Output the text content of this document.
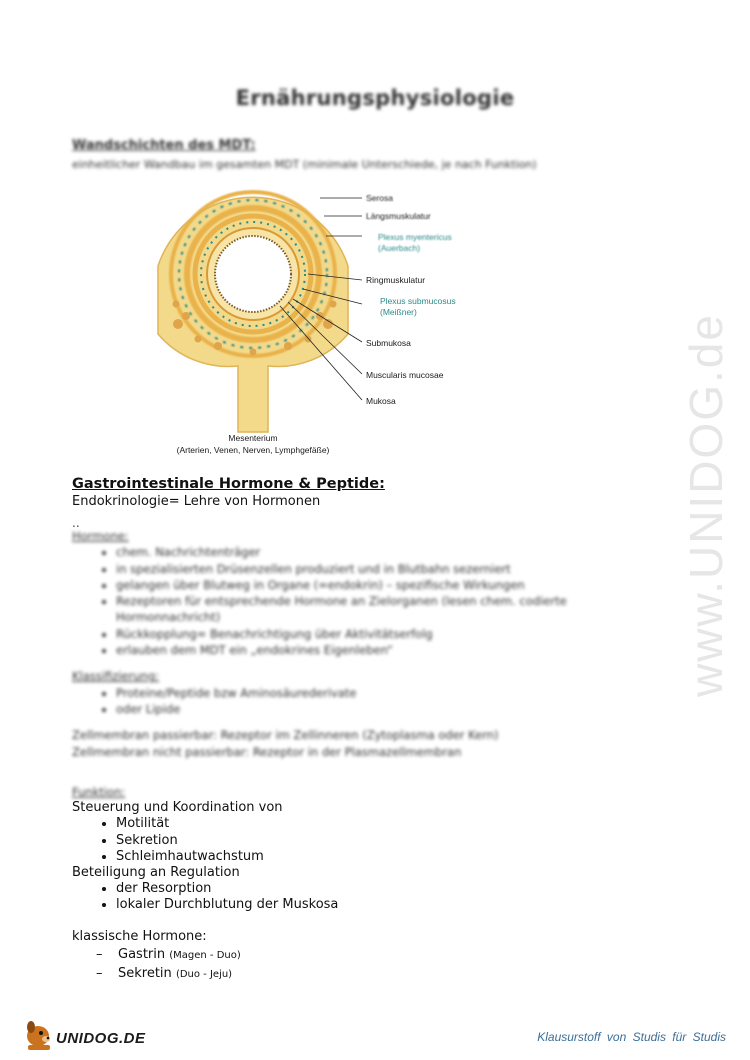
www.UNIDOG.de
Ernährungsphysiologie
Wandschichten des MDT:
einheitlicher Wandbau im gesamten MDT (minimale Unterschiede, je nach Funktion)
Serosa
Längsmuskulatur
Plexus myentericus
(Auerbach)
Ringmuskulatur
Plexus submucosus
(Meißner)
Submukosa
Muscularis mucosae
Mukosa
Mesenterium
(Arterien, Venen, Nerven, Lymphgefäße)
Gastrointestinale Hormone & Peptide:
Endokrinologie= Lehre von Hormonen
..

Hormone:

• chem. Nachrichtenträger
• in spezialisierten Drüsenzellen produziert und in Blutbahn sezerniert
• gelangen über Blutweg in Organe (=endokrin) – spezifische Wirkungen
• Rezeptoren für entsprechende Hormone an Zielorganen (lesen chem. codierte Hormonnachricht)
• Rückkopplung= Benachrichtigung über Aktivitätserfolg
• erlauben dem MDT ein „endokrines Eigenleben“

Klassifizierung:

• Proteine/Peptide bzw Aminosäurederivate
• oder Lipide

Zellmembran passierbar: Rezeptor im Zellinneren (Zytoplasma oder Kern)

Zellmembran nicht passierbar: Rezeptor in der Plasmazellmembran

Funktion:

Steuerung und Koordination von

• Motilität
• Sekretion
• Schleimhautwachstum

Beteiligung an Regulation

• der Resorption
• lokaler Durchblutung der Muskosa

klassische Hormone:

– Gastrin (Magen - Duo)
– Sekretin (Duo - Jeju)
UNIDOG.DE	Klausurstoff von Studis für Studis
